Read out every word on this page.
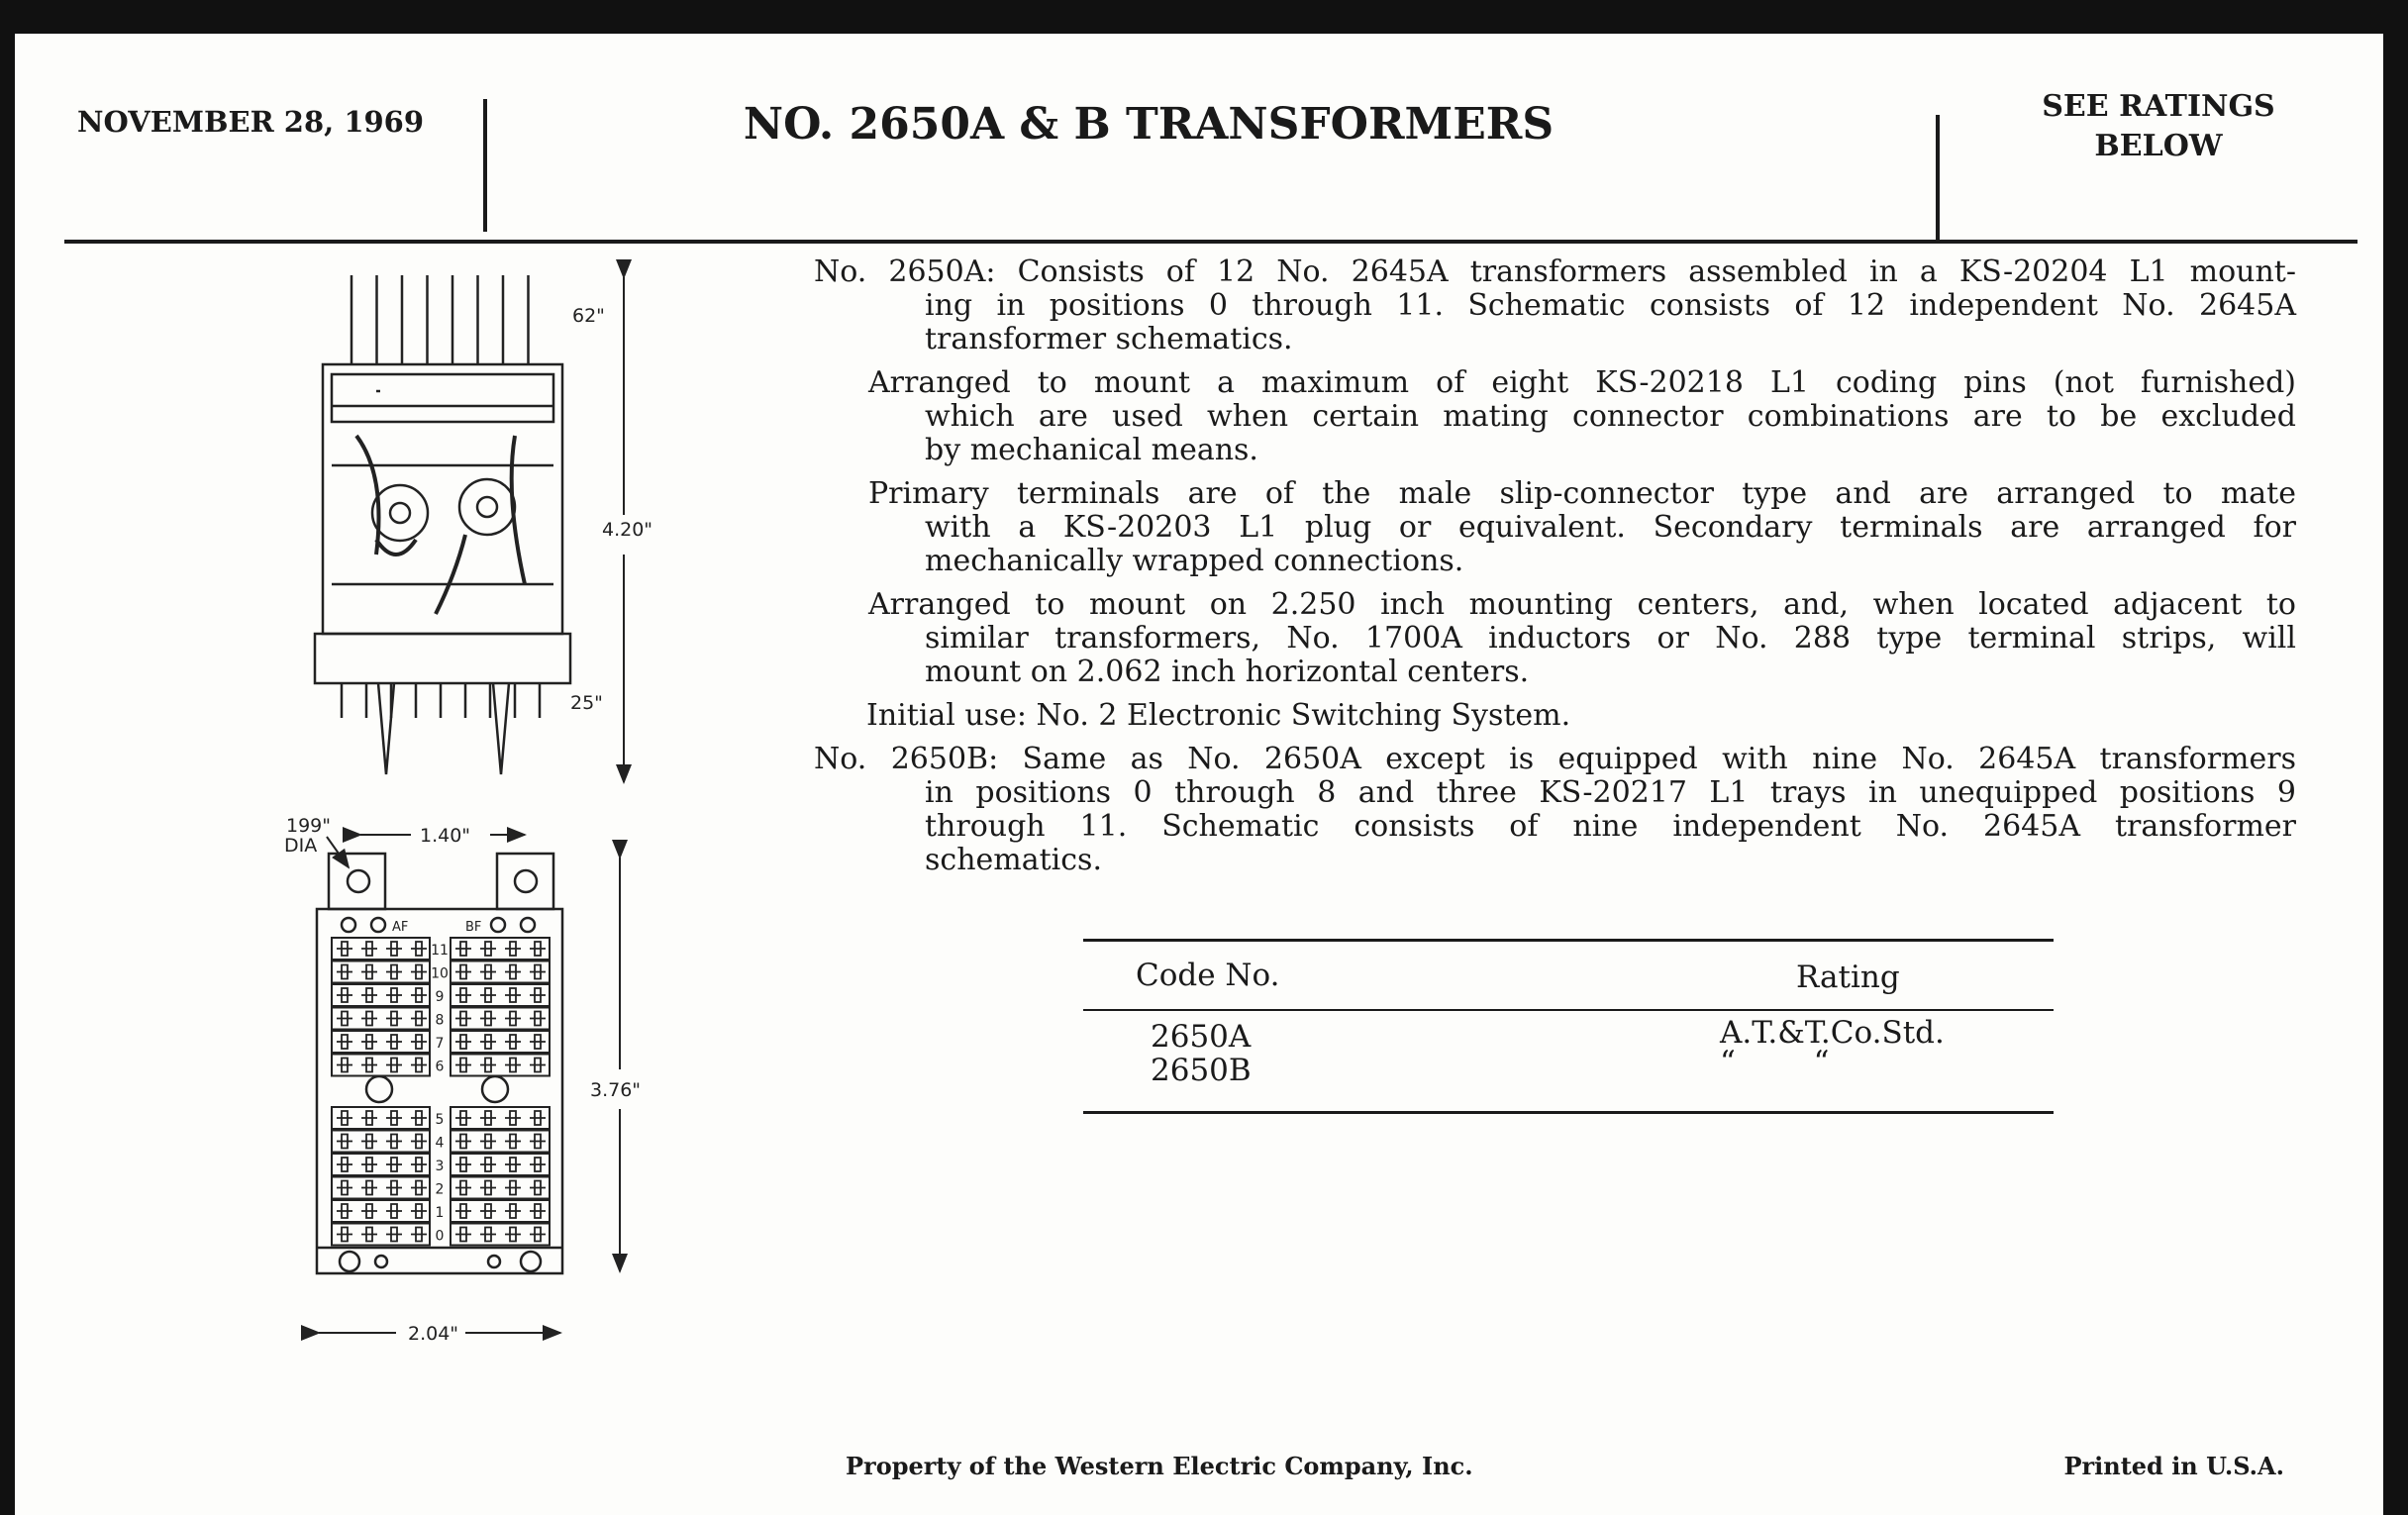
NOVEMBER 28, 1969	NO. 2650A & B TRANSFORMERS	SEE RATINGS
BELOW
No. 2650A: Consists of 12 No. 2645A transformers assembled in a KS-20204 L1 mount-
ing in positions 0 through 11. Schematic consists of 12 independent No. 2645A
transformer schematics.
Arranged to mount a maximum of eight KS-20218 L1 coding pins (not furnished)
which are used when certain mating connector combinations are to be excluded
by mechanical means.
Primary terminals are of the male slip-connector type and are arranged to mate
with a KS-20203 L1 plug or equivalent. Secondary terminals are arranged for
mechanically wrapped connections.
Arranged to mount on 2.250 inch mounting centers, and, when located adjacent to
similar transformers, No. 1700A inductors or No. 288 type terminal strips, will
mount on 2.062 inch horizontal centers.
Initial use: No. 2 Electronic Switching System.
No. 2650B: Same as No. 2650A except is equipped with nine No. 2645A transformers
in positions 0 through 8 and three KS-20217 L1 trays in unequipped positions 9
through 11. Schematic consists of nine independent No. 2645A transformer
schematics.
Code No.	Rating
2650A	A.T.&T.Co.Std.
2650B	“        “
Property of the Western Electric Company, Inc.	Printed in U.S.A.
62"
4.20"
25"
199"
DIA	1.40"
3.76"
2.04"
AF	BF
11
10
9
8
7
6
5
4
3
2
1
0
